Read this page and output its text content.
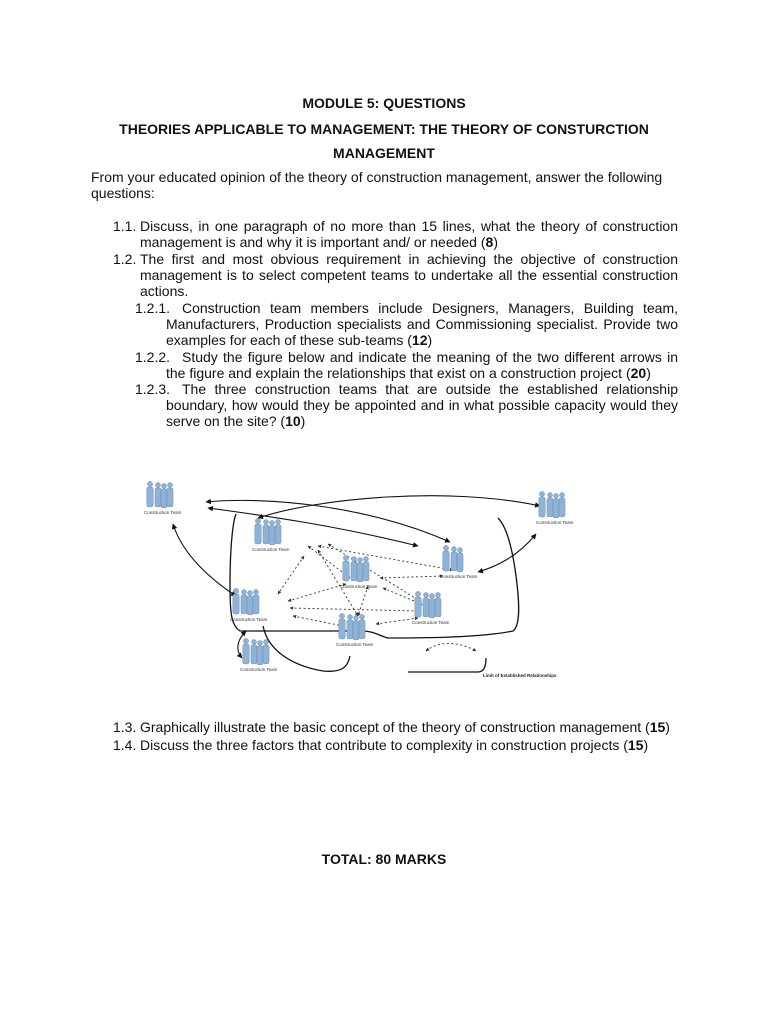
MODULE 5: QUESTIONS
THEORIES APPLICABLE TO MANAGEMENT: THE THEORY OF CONSTURCTION
MANAGEMENT
From your educated opinion of the theory of construction management, answer the following questions:
1.1. Discuss, in one paragraph of no more than 15 lines, what the theory of construction management is and why it is important and/ or needed (8)
1.2. The first and most obvious requirement in achieving the objective of construction management is to select competent teams to undertake all the essential construction actions.
1.2.1. Construction team members include Designers, Managers, Building team, Manufacturers, Production specialists and Commissioning specialist. Provide two examples for each of these sub-teams (12)
1.2.2. Study the figure below and indicate the meaning of the two different arrows in the figure and explain the relationships that exist on a construction project (20)
1.2.3. The three construction teams that are outside the established relationship boundary, how would they be appointed and in what possible capacity would they serve on the site? (10)
Limit of Established Relationships
Construction Team
Construction Team
Construction Team
Construction Team
Construction Team
Construction Team
Construction Team
Construction Team
Construction Team
1.3. Graphically illustrate the basic concept of the theory of construction management (15)
1.4. Discuss the three factors that contribute to complexity in construction projects (15)
TOTAL: 80 MARKS
